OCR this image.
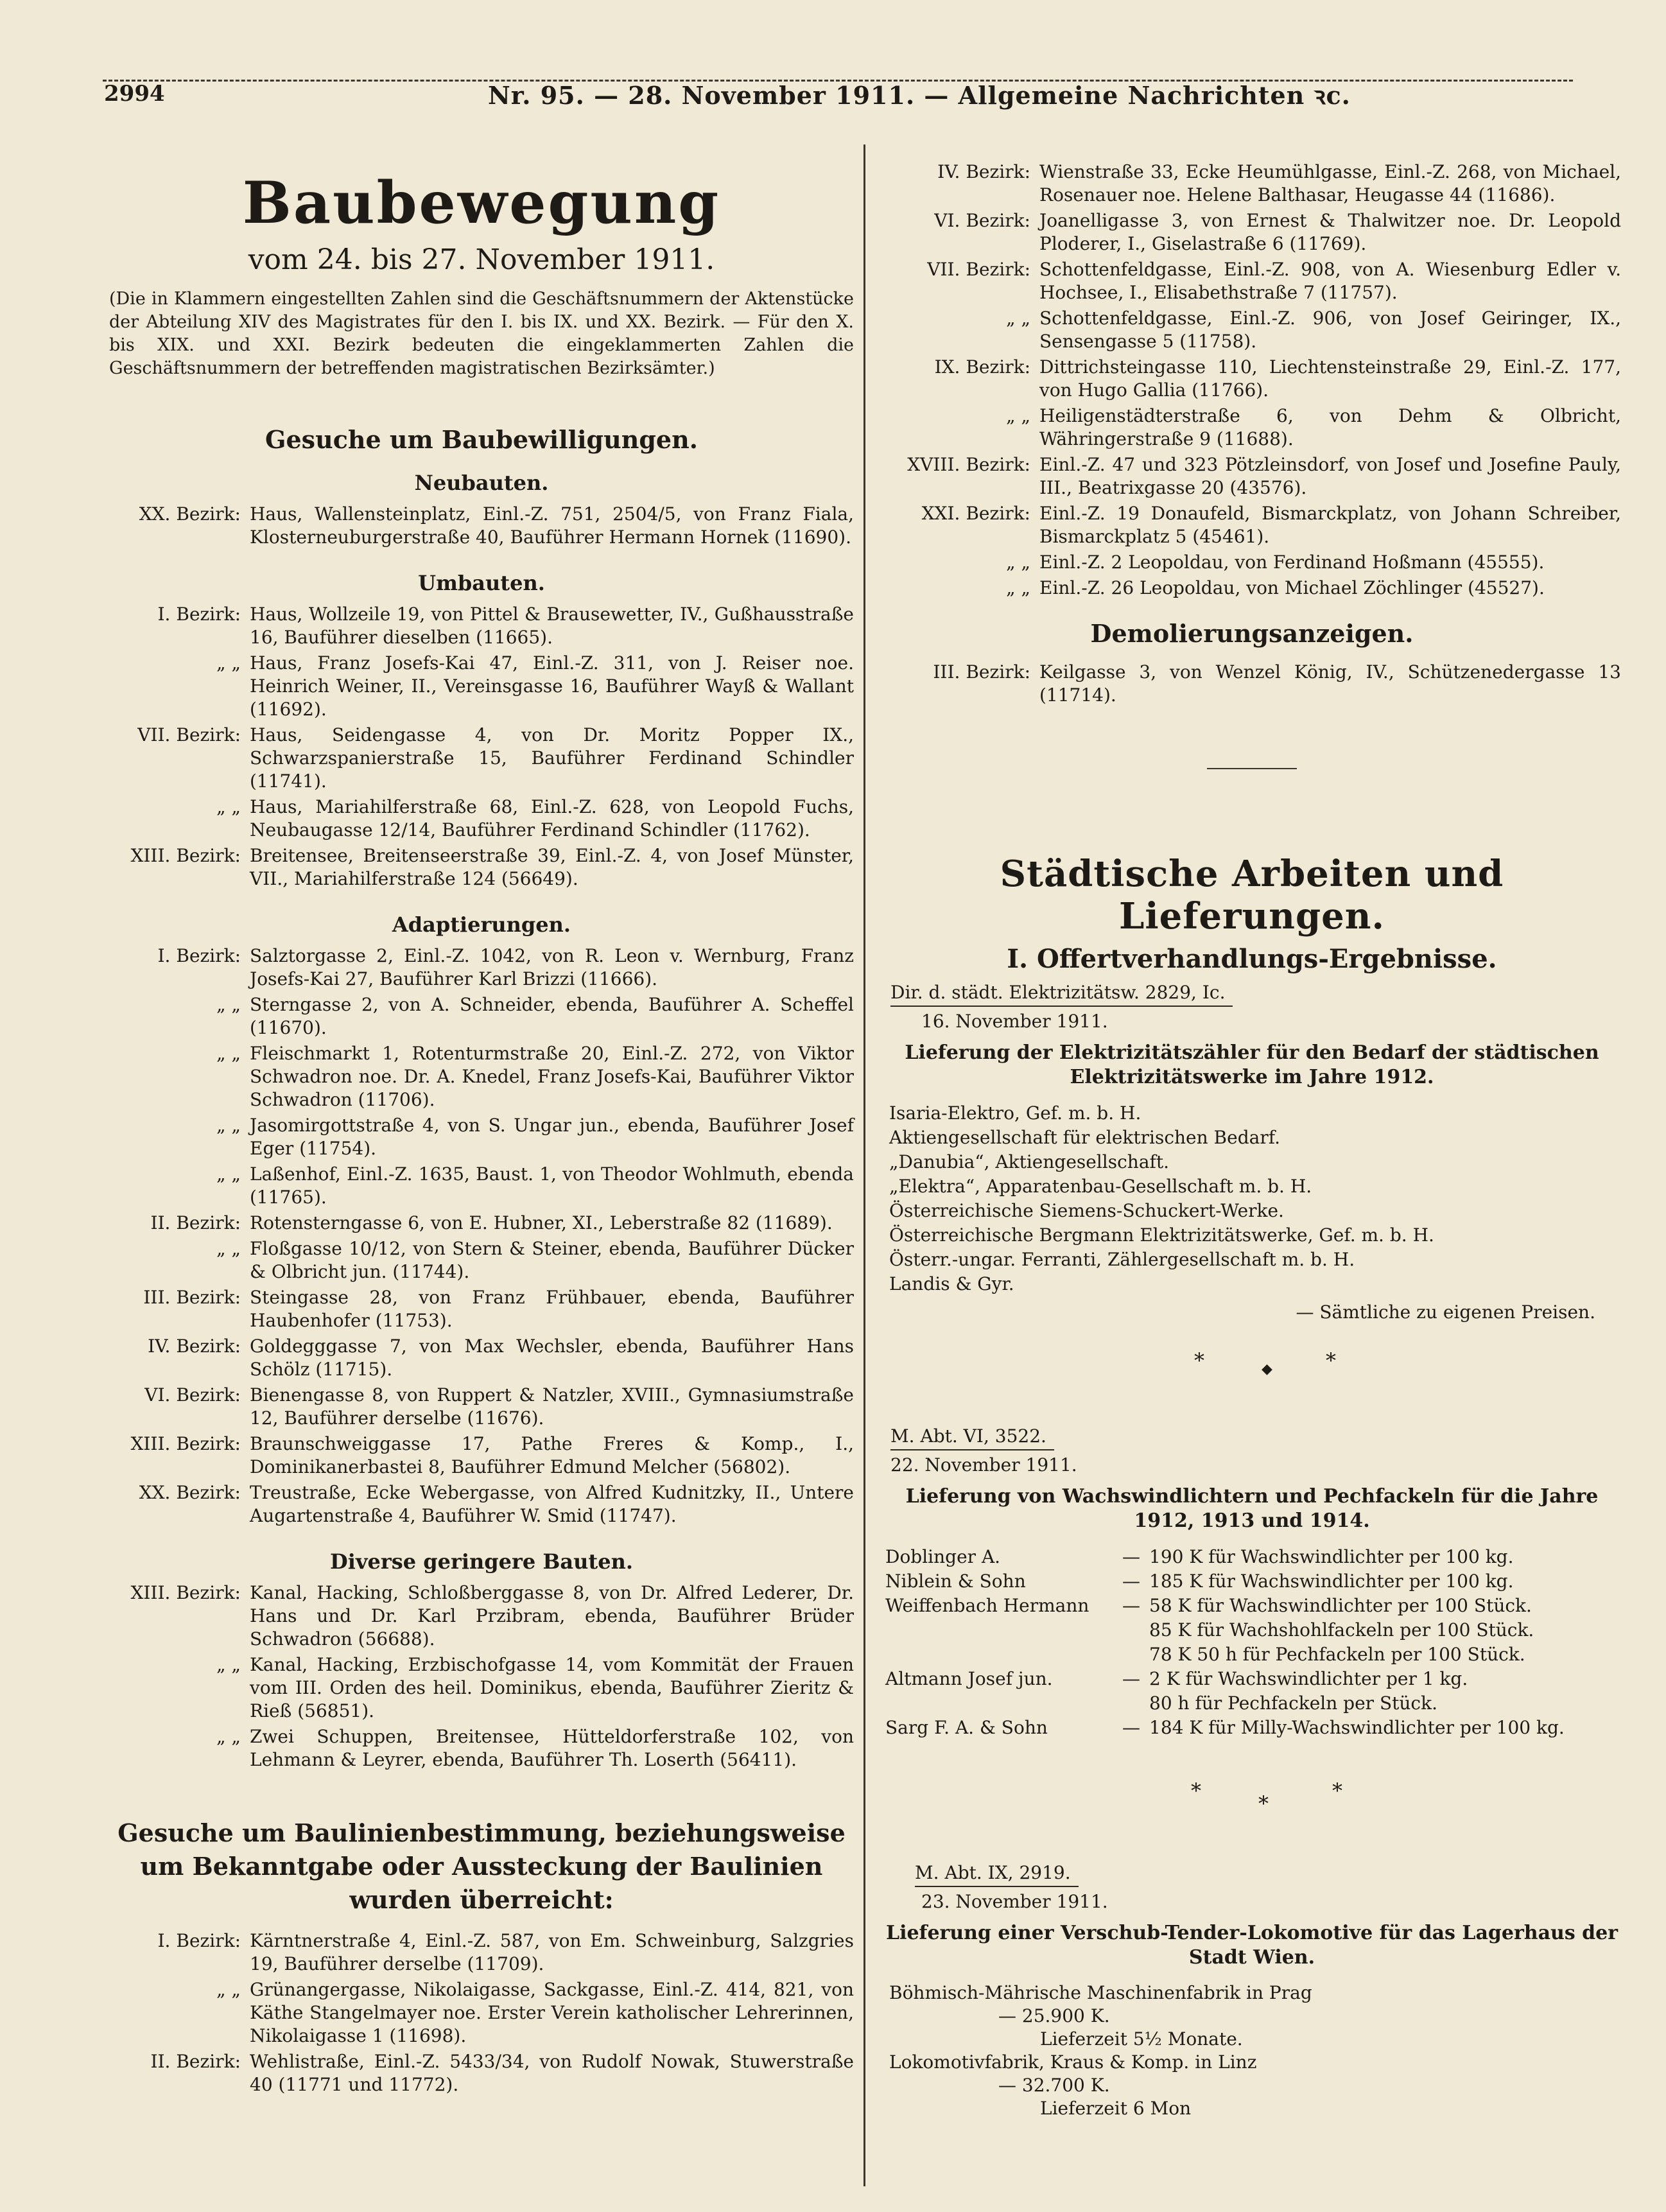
2994	Nr. 95. — 28. November 1911. — Allgemeine Nachrichten ꝛc.
Baubewegung
vom 24. bis 27. November 1911.
(Die in Klammern eingestellten Zahlen sind die Geschäftsnummern der Aktenstücke der Abteilung XIV des Magistrates für den I. bis IX. und XX. Bezirk. — Für den X. bis XIX. und XXI. Bezirk bedeuten die eingeklammerten Zahlen die Geschäftsnummern der betreffenden magistratischen Bezirksämter.)
Gesuche um Baubewilligungen.
Neubauten.
XX. Bezirk: Haus, Wallensteinplatz, Einl.-Z. 751, 2504/5, von Franz Fiala, Klosterneuburgerstraße 40, Bauführer Hermann Hornek (11690).
Umbauten.
I. Bezirk: Haus, Wollzeile 19, von Pittel & Brausewetter, IV., Gußhausstraße 16, Bauführer dieselben (11665).
„ „ Haus, Franz Josefs-Kai 47, Einl.-Z. 311, von J. Reiser noe. Heinrich Weiner, II., Vereinsgasse 16, Bauführer Wayß & Wallant (11692).
VII. Bezirk: Haus, Seidengasse 4, von Dr. Moritz Popper IX., Schwarzspanierstraße 15, Bauführer Ferdinand Schindler (11741).
„ „ Haus, Mariahilferstraße 68, Einl.-Z. 628, von Leopold Fuchs, Neubaugasse 12/14, Bauführer Ferdinand Schindler (11762).
XIII. Bezirk: Breitensee, Breitenseerstraße 39, Einl.-Z. 4, von Josef Münster, VII., Mariahilferstraße 124 (56649).
Adaptierungen.
I. Bezirk: Salztorgasse 2, Einl.-Z. 1042, von R. Leon v. Wernburg, Franz Josefs-Kai 27, Bauführer Karl Brizzi (11666).
„ „ Sterngasse 2, von A. Schneider, ebenda, Bauführer A. Scheffel (11670).
„ „ Fleischmarkt 1, Rotenturmstraße 20, Einl.-Z. 272, von Viktor Schwadron noe. Dr. A. Knedel, Franz Josefs-Kai, Bauführer Viktor Schwadron (11706).
„ „ Jasomirgottstraße 4, von S. Ungar jun., ebenda, Bauführer Josef Eger (11754).
„ „ Laßenhof, Einl.-Z. 1635, Baust. 1, von Theodor Wohlmuth, ebenda (11765).
II. Bezirk: Rotensterngasse 6, von E. Hubner, XI., Leberstraße 82 (11689).
„ „ Floßgasse 10/12, von Stern & Steiner, ebenda, Bauführer Dücker & Olbricht jun. (11744).
III. Bezirk: Steingasse 28, von Franz Frühbauer, ebenda, Bauführer Haubenhofer (11753).
IV. Bezirk: Goldegggasse 7, von Max Wechsler, ebenda, Bauführer Hans Schölz (11715).
VI. Bezirk: Bienengasse 8, von Ruppert & Natzler, XVIII., Gymnasiumstraße 12, Bauführer derselbe (11676).
XIII. Bezirk: Braunschweiggasse 17, Pathe Freres & Komp., I., Dominikanerbastei 8, Bauführer Edmund Melcher (56802).
XX. Bezirk: Treustraße, Ecke Webergasse, von Alfred Kudnitzky, II., Untere Augartenstraße 4, Bauführer W. Smid (11747).
Diverse geringere Bauten.
XIII. Bezirk: Kanal, Hacking, Schloßberggasse 8, von Dr. Alfred Lederer, Dr. Hans und Dr. Karl Przibram, ebenda, Bauführer Brüder Schwadron (56688).
„ „ Kanal, Hacking, Erzbischofgasse 14, vom Kommität der Frauen vom III. Orden des heil. Dominikus, ebenda, Bauführer Zieritz & Rieß (56851).
„ „ Zwei Schuppen, Breitensee, Hütteldorferstraße 102, von Lehmann & Leyrer, ebenda, Bauführer Th. Loserth (56411).
Gesuche um Baulinienbestimmung, beziehungsweise um Bekanntgabe oder Aussteckung der Baulinien wurden überreicht:
I. Bezirk: Kärntnerstraße 4, Einl.-Z. 587, von Em. Schweinburg, Salzgries 19, Bauführer derselbe (11709).
„ „ Grünangergasse, Nikolaigasse, Sackgasse, Einl.-Z. 414, 821, von Käthe Stangelmayer noe. Erster Verein katholischer Lehrerinnen, Nikolaigasse 1 (11698).
II. Bezirk: Wehlistraße, Einl.-Z. 5433/34, von Rudolf Nowak, Stuwerstraße 40 (11771 und 11772).
IV. Bezirk: Wienstraße 33, Ecke Heumühlgasse, Einl.-Z. 268, von Michael, Rosenauer noe. Helene Balthasar, Heugasse 44 (11686).
VI. Bezirk: Joanelligasse 3, von Ernest & Thalwitzer noe. Dr. Leopold Ploderer, I., Giselastraße 6 (11769).
VII. Bezirk: Schottenfeldgasse, Einl.-Z. 908, von A. Wiesenburg Edler v. Hochsee, I., Elisabethstraße 7 (11757).
„ „ Schottenfeldgasse, Einl.-Z. 906, von Josef Geiringer, IX., Sensengasse 5 (11758).
IX. Bezirk: Dittrichsteingasse 110, Liechtensteinstraße 29, Einl.-Z. 177, von Hugo Gallia (11766).
„ „ Heiligenstädterstraße 6, von Dehm & Olbricht, Währingerstraße 9 (11688).
XVIII. Bezirk: Einl.-Z. 47 und 323 Pötzleinsdorf, von Josef und Josefine Pauly, III., Beatrixgasse 20 (43576).
XXI. Bezirk: Einl.-Z. 19 Donaufeld, Bismarckplatz, von Johann Schreiber, Bismarckplatz 5 (45461).
„ „ Einl.-Z. 2 Leopoldau, von Ferdinand Hoßmann (45555).
„ „ Einl.-Z. 26 Leopoldau, von Michael Zöchlinger (45527).
Demolierungsanzeigen.
III. Bezirk: Keilgasse 3, von Wenzel König, IV., Schützenedergasse 13 (11714).
Städtische Arbeiten und Lieferungen.
I. Offertverhandlungs-Ergebnisse.
Dir. d. städt. Elektrizitätsw. 2829, Ic.
16. November 1911.
Lieferung der Elektrizitätszähler für den Bedarf der städtischen Elektrizitätswerke im Jahre 1912.
Isaria-Elektro, Gef. m. b. H.
Aktiengesellschaft für elektrischen Bedarf.
„Danubia“, Aktiengesellschaft.
„Elektra“, Apparatenbau-Gesellschaft m. b. H.
Österreichische Siemens-Schuckert-Werke.
Österreichische Bergmann Elektrizitätswerke, Gef. m. b. H.
Österr.-ungar. Ferranti, Zählergesellschaft m. b. H.
Landis & Gyr.
— Sämtliche zu eigenen Preisen.
*	◆	*
M. Abt. VI, 3522.
22. November 1911.
Lieferung von Wachswindlichtern und Pechfackeln für die Jahre 1912, 1913 und 1914.
Doblinger A.	—	190 K für Wachswindlichter per 100 kg.
Niblein & Sohn	—	185 K für Wachswindlichter per 100 kg.
Weiffenbach Hermann	—	58 K für Wachswindlichter per 100 Stück.
		85 K für Wachshohlfackeln per 100 Stück.
		78 K 50 h für Pechfackeln per 100 Stück.
Altmann Josef jun.	—	2 K für Wachswindlichter per 1 kg.
		80 h für Pechfackeln per Stück.
Sarg F. A. & Sohn	—	184 K für Milly-Wachswindlichter per 100 kg.
*
*
*
M. Abt. IX, 2919.
23. November 1911.
Lieferung einer Verschub-Tender-Lokomotive für das Lagerhaus der Stadt Wien.
Böhmisch-Mährische Maschinenfabrik in Prag
— 25.900 K.
Lieferzeit 5½ Monate.
Lokomotivfabrik, Kraus & Komp. in Linz
— 32.700 K.
Lieferzeit 6 Mon
